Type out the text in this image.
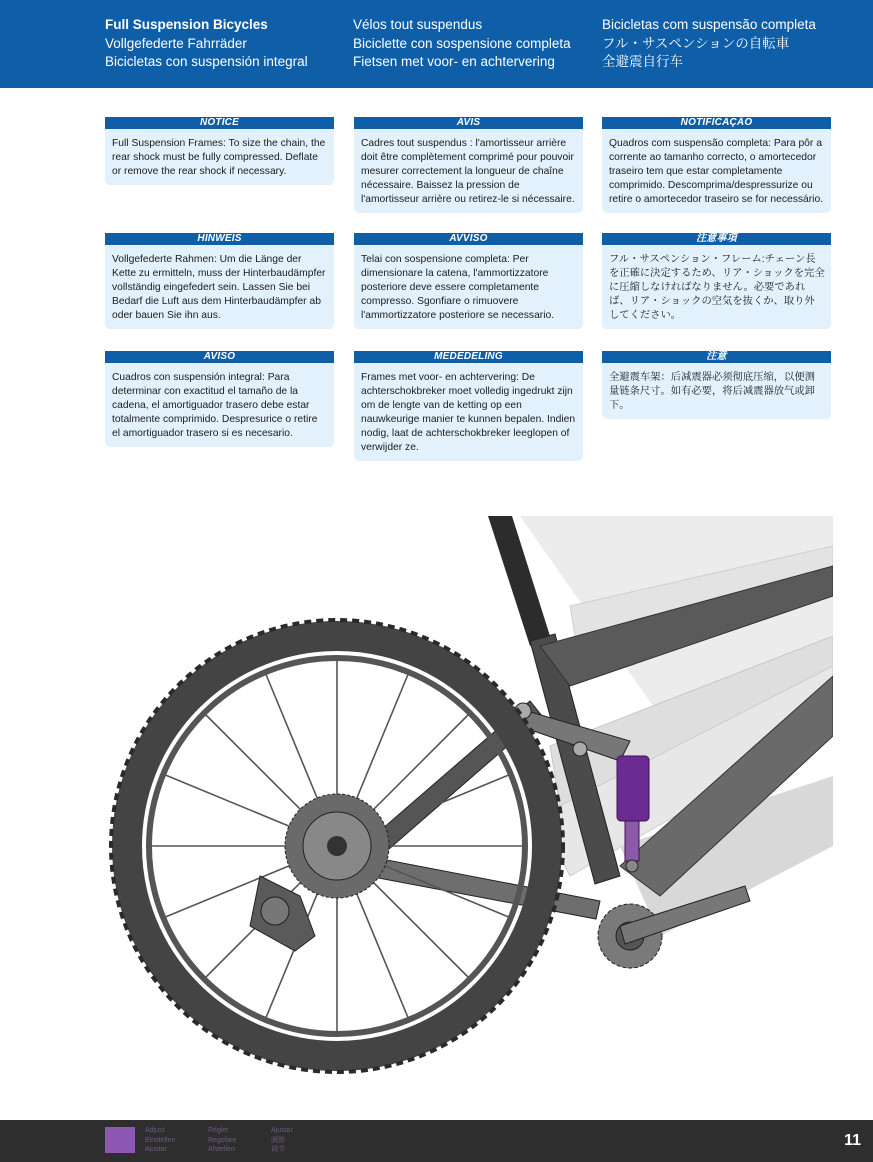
Full Suspension Bicycles
Vollgefederte Fahrräder
Bicicletas con suspensión integral
Vélos tout suspendus
Biciclette con sospensione completa
Fietsen met voor- en achtervering
Bicicletas com suspensão completa
フル・サスペンションの自転車
全避震自行车
NOTICE
Full Suspension Frames: To size the chain, the rear shock must be fully compressed. Deflate or remove the rear shock if necessary.
AVIS
Cadres tout suspendus : l'amortisseur arrière doit être complètement comprimé pour pouvoir mesurer correctement la longueur de chaîne nécessaire. Baissez la pression de l'amortisseur arrière ou retirez-le si nécessaire.
NOTIFICAÇÃO
Quadros com suspensão completa: Para pôr a corrente ao tamanho correcto, o amortecedor traseiro tem que estar completamente comprimido. Descomprima/despressurize ou retire o amortecedor traseiro se for necessário.
HINWEIS
Vollgefederte Rahmen: Um die Länge der Kette zu ermitteln, muss der Hinterbaudämpfer vollständig eingefedert sein. Lassen Sie bei Bedarf die Luft aus dem Hinterbaudämpfer ab oder bauen Sie ihn aus.
AVVISO
Telai con sospensione completa: Per dimensionare la catena, l'ammortizzatore posteriore deve essere completamente compresso. Sgonfiare o rimuovere l'ammortizzatore posteriore se necessario.
注意事項
フル・サスペンション・フレーム:チェーン長を正確に決定するため、リア・ショックを完全に圧縮しなければなりません。必要であれば、リア・ショックの空気を抜くか、取り外してください。
AVISO
Cuadros con suspensión integral: Para determinar con exactitud el tamaño de la cadena, el amortiguador trasero debe estar totalmente comprimido. Despresurice o retire el amortiguador trasero si es necesario.
MEDEDELING
Frames met voor- en achtervering: De achterschokbreker moet volledig ingedrukt zijn om de lengte van de ketting op een nauwkeurige manier te kunnen bepalen. Indien nodig, laat de achterschokbreker leeglopen of verwijder ze.
注意
全避震车架：后减震器必须彻底压缩，以便测量链条尺寸。如有必要，将后减震器放气或卸下。
Adjust
Einstellen
Ajustar
Régler
Regolare
Afstellen
Ajustar
調節
调节
11
